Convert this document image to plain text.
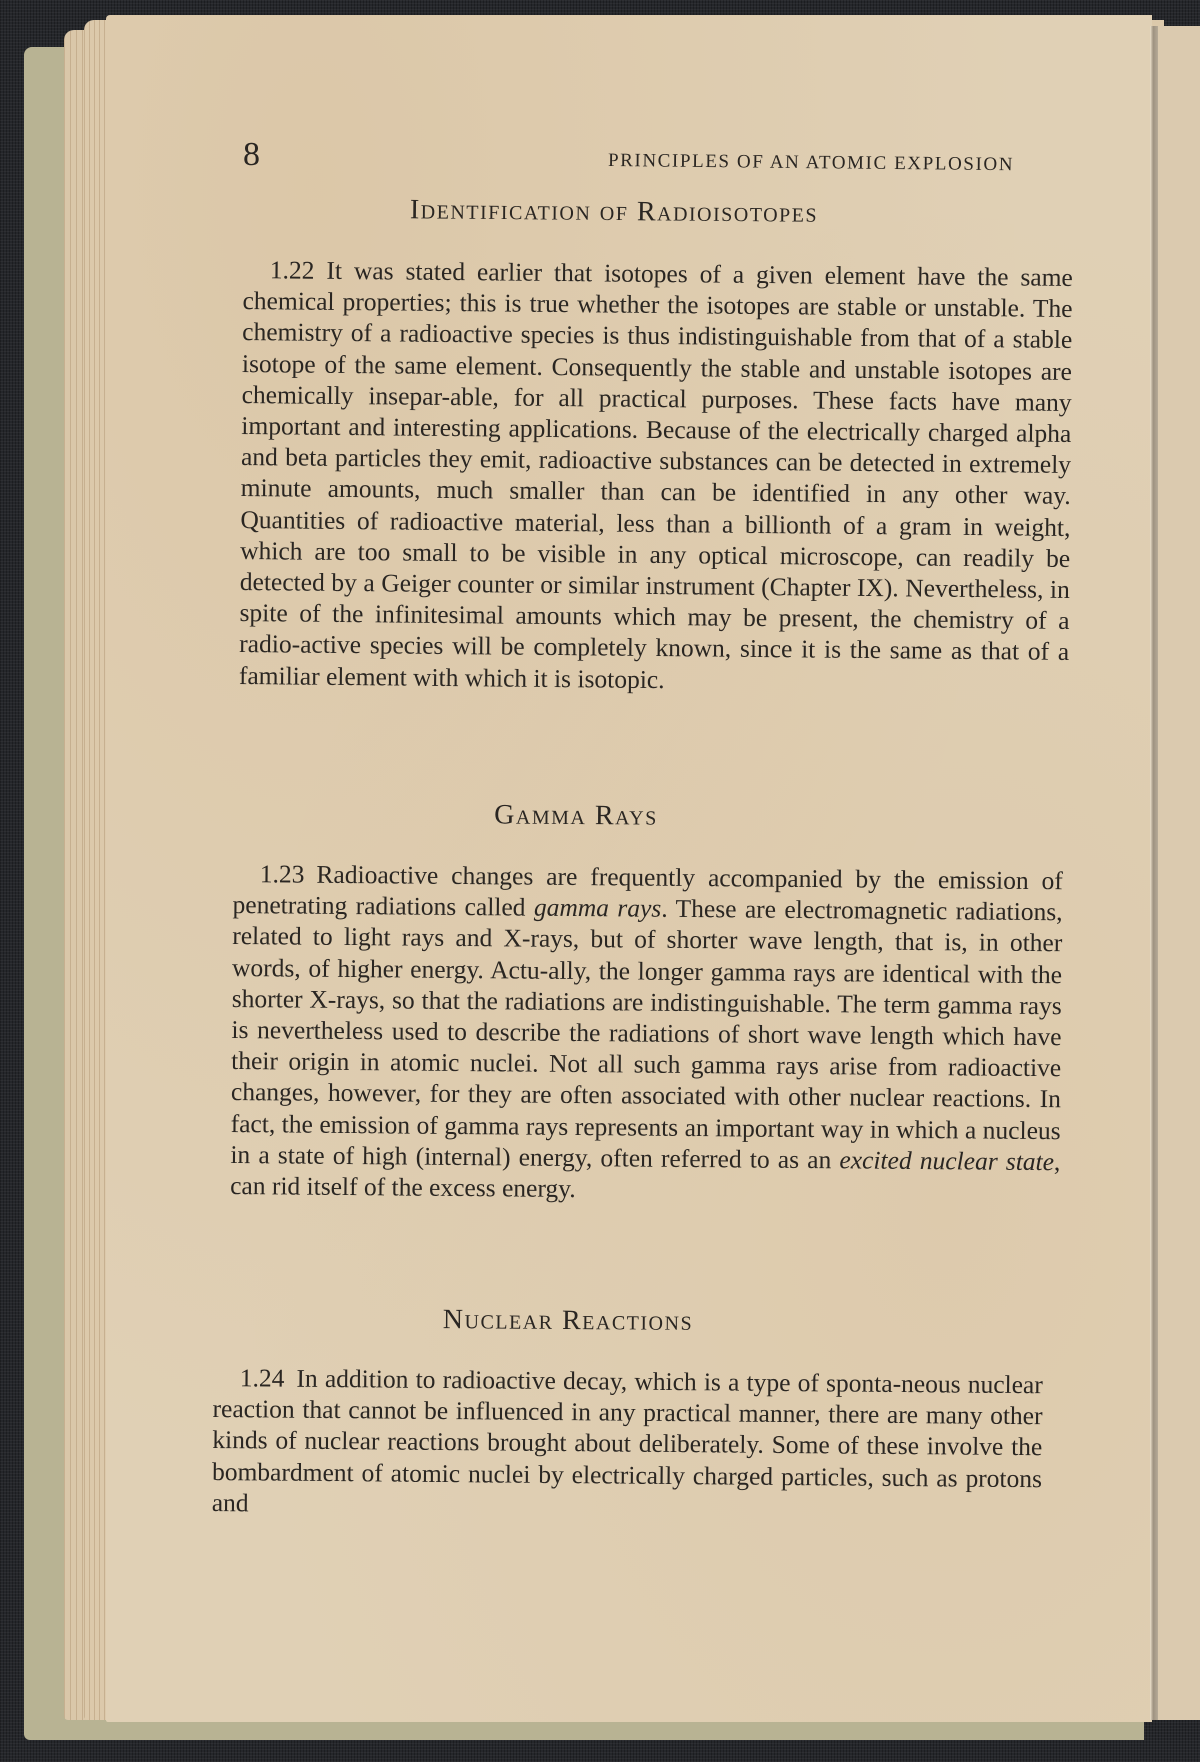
8	PRINCIPLES OF AN ATOMIC EXPLOSION
Identification of Radioisotopes
1.22 It was stated earlier that isotopes of a given element have the same chemical properties; this is true whether the isotopes are stable or unstable. The chemistry of a radioactive species is thus indistinguishable from that of a stable isotope of the same element. Consequently the stable and unstable isotopes are chemically insepar-able, for all practical purposes. These facts have many important and interesting applications. Because of the electrically charged alpha and beta particles they emit, radioactive substances can be detected in extremely minute amounts, much smaller than can be identified in any other way. Quantities of radioactive material, less than a billionth of a gram in weight, which are too small to be visible in any optical microscope, can readily be detected by a Geiger counter or similar instrument (Chapter IX). Nevertheless, in spite of the infinitesimal amounts which may be present, the chemistry of a radio-active species will be completely known, since it is the same as that of a familiar element with which it is isotopic.
Gamma Rays
1.23 Radioactive changes are frequently accompanied by the emission of penetrating radiations called gamma rays. These are electromagnetic radiations, related to light rays and X-rays, but of shorter wave length, that is, in other words, of higher energy. Actu-ally, the longer gamma rays are identical with the shorter X-rays, so that the radiations are indistinguishable. The term gamma rays is nevertheless used to describe the radiations of short wave length which have their origin in atomic nuclei. Not all such gamma rays arise from radioactive changes, however, for they are often associated with other nuclear reactions. In fact, the emission of gamma rays represents an important way in which a nucleus in a state of high (internal) energy, often referred to as an excited nuclear state, can rid itself of the excess energy.
Nuclear Reactions
1.24 In addition to radioactive decay, which is a type of sponta-neous nuclear reaction that cannot be influenced in any practical manner, there are many other kinds of nuclear reactions brought about deliberately. Some of these involve the bombardment of atomic nuclei by electrically charged particles, such as protons and
